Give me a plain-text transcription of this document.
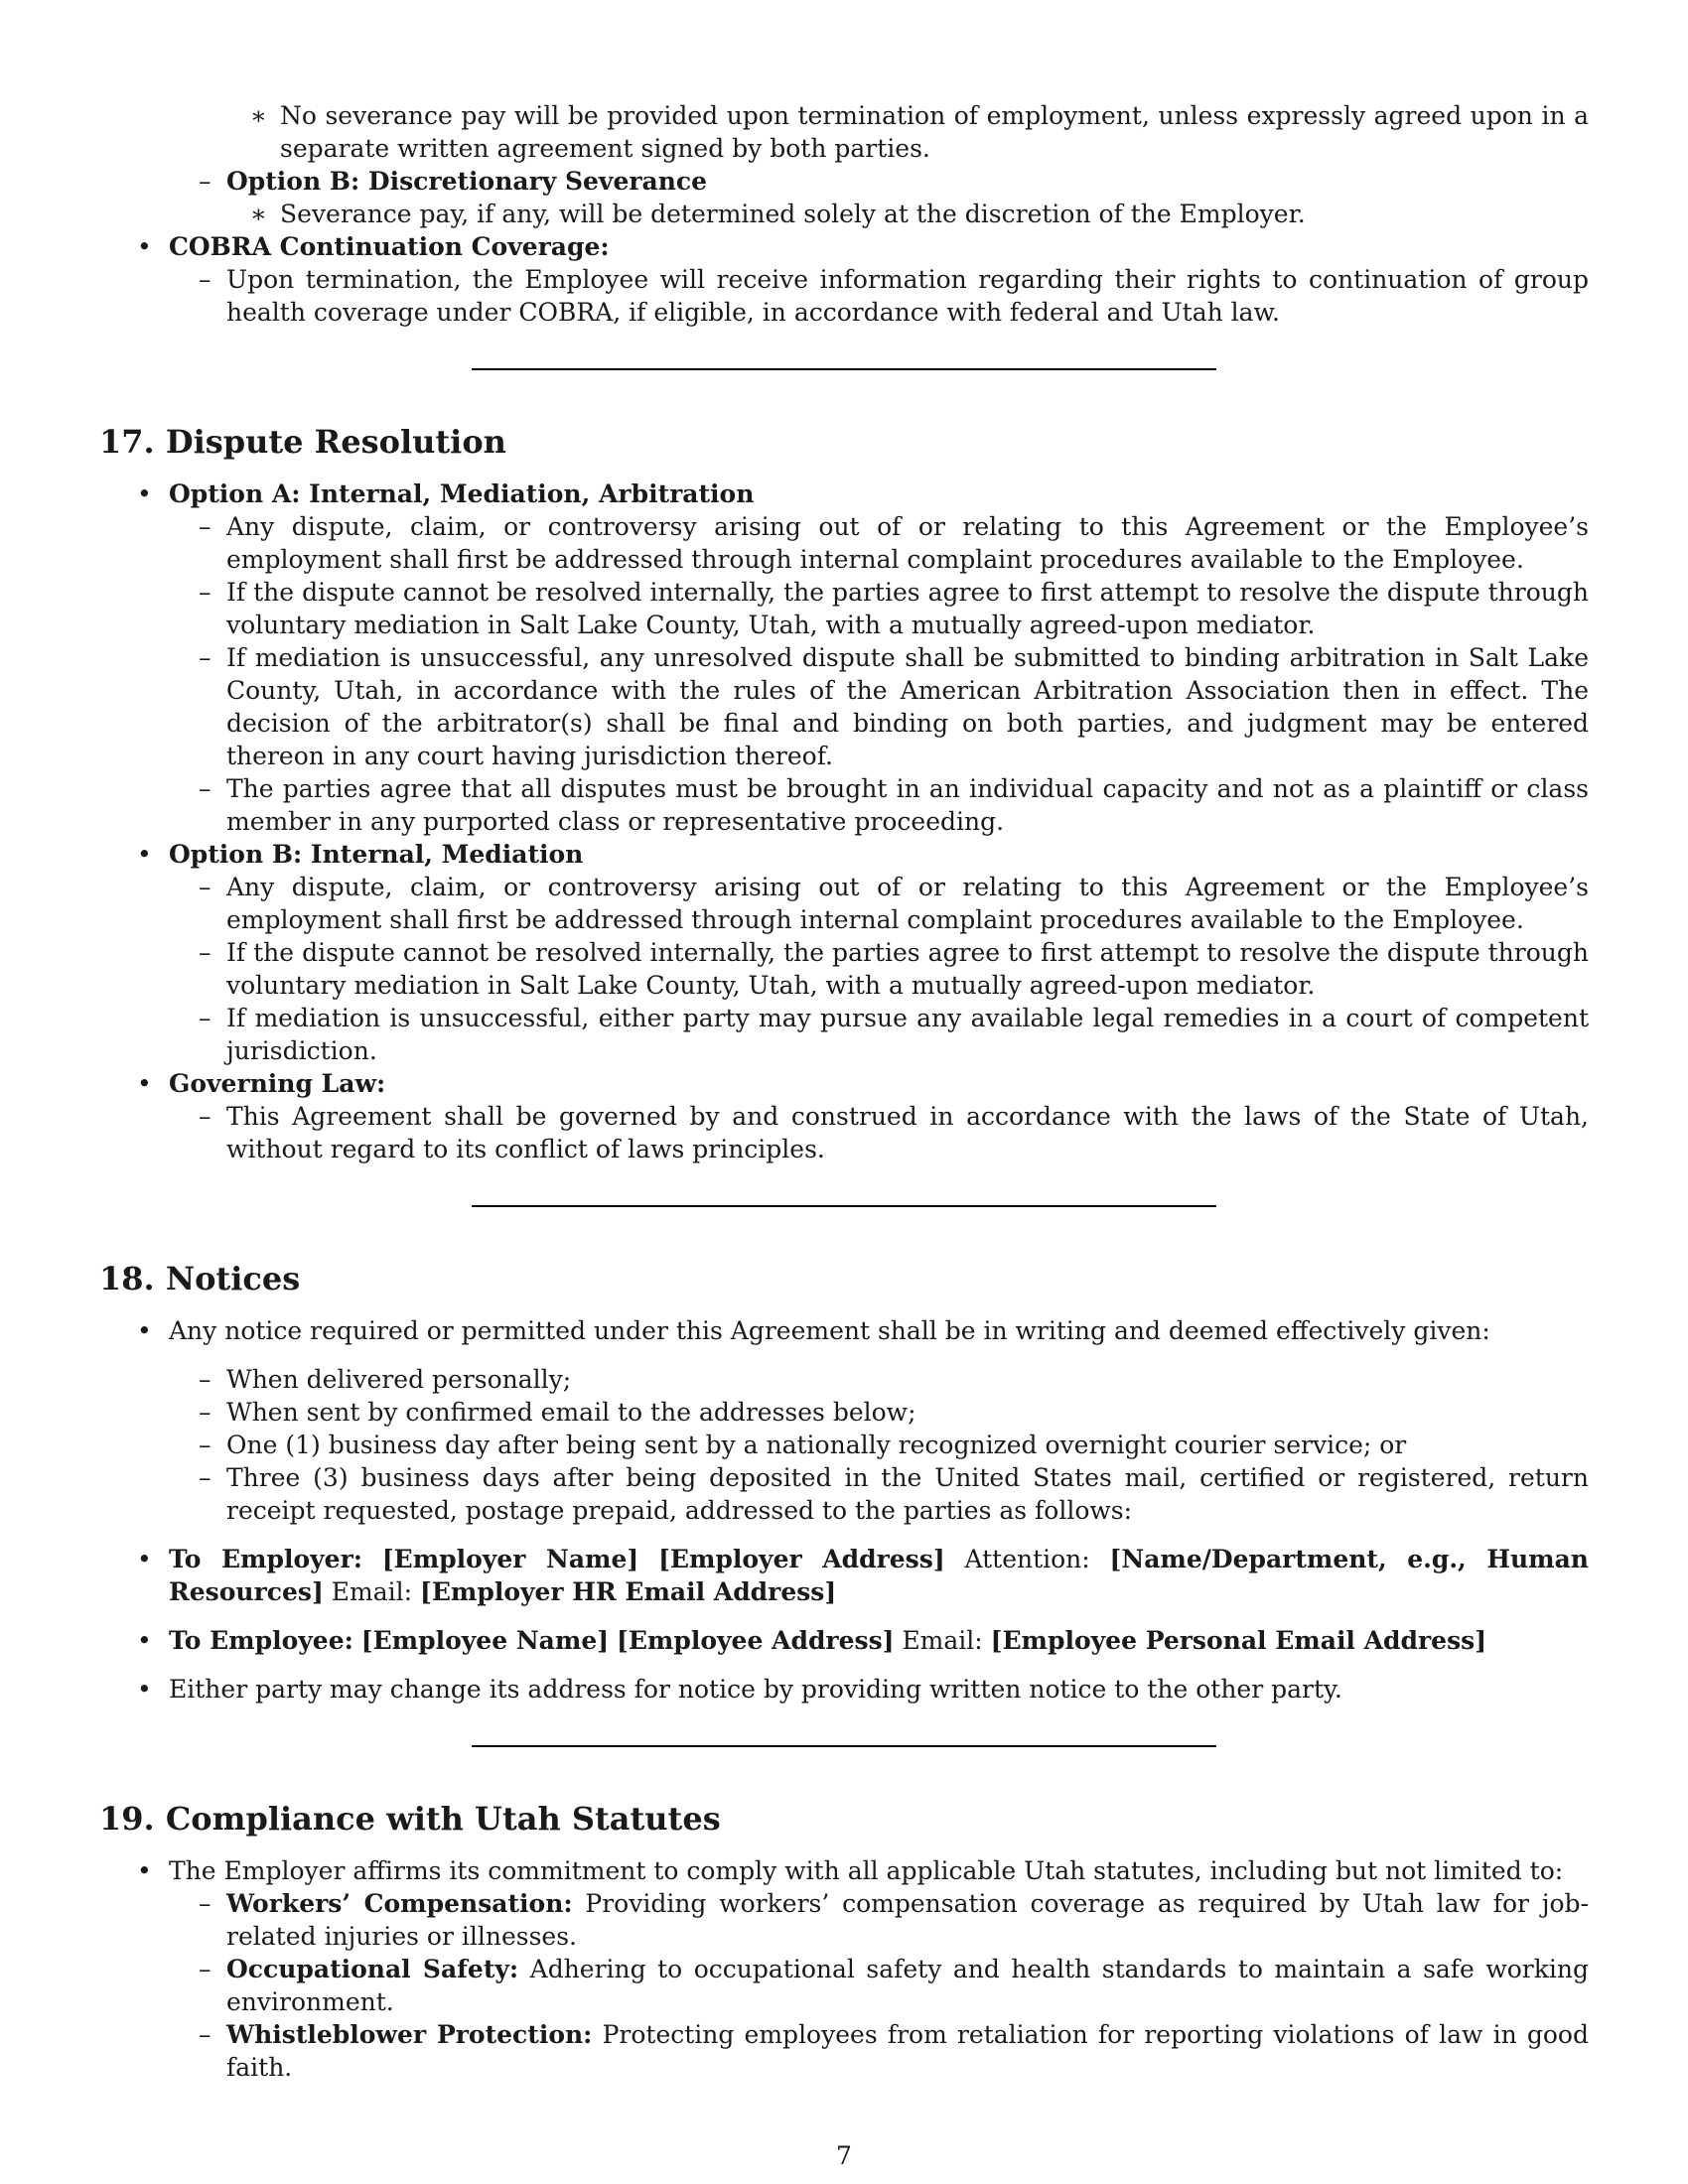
∗ No severance pay will be provided upon termination of employment, unless expressly agreed upon in a separate written agreement signed by both parties.
– Option B: Discretionary Severance
∗ Severance pay, if any, will be determined solely at the discretion of the Employer.
• COBRA Continuation Coverage:
– Upon termination, the Employee will receive information regarding their rights to continuation of group health coverage under COBRA, if eligible, in accordance with federal and Utah law.
17. Dispute Resolution
• Option A: Internal, Mediation, Arbitration
– Any dispute, claim, or controversy arising out of or relating to this Agreement or the Employee’s employment shall first be addressed through internal complaint procedures available to the Employee.
– If the dispute cannot be resolved internally, the parties agree to first attempt to resolve the dispute through voluntary mediation in Salt Lake County, Utah, with a mutually agreed-upon mediator.
– If mediation is unsuccessful, any unresolved dispute shall be submitted to binding arbitration in Salt Lake County, Utah, in accordance with the rules of the American Arbitration Association then in effect. The decision of the arbitrator(s) shall be final and binding on both parties, and judgment may be entered thereon in any court having jurisdiction thereof.
– The parties agree that all disputes must be brought in an individual capacity and not as a plaintiff or class member in any purported class or representative proceeding.
• Option B: Internal, Mediation
– Any dispute, claim, or controversy arising out of or relating to this Agreement or the Employee’s employment shall first be addressed through internal complaint procedures available to the Employee.
– If the dispute cannot be resolved internally, the parties agree to first attempt to resolve the dispute through voluntary mediation in Salt Lake County, Utah, with a mutually agreed-upon mediator.
– If mediation is unsuccessful, either party may pursue any available legal remedies in a court of competent jurisdiction.
• Governing Law:
– This Agreement shall be governed by and construed in accordance with the laws of the State of Utah, without regard to its conflict of laws principles.
18. Notices
• Any notice required or permitted under this Agreement shall be in writing and deemed effectively given:
– When delivered personally;
– When sent by confirmed email to the addresses below;
– One (1) business day after being sent by a nationally recognized overnight courier service; or
– Three (3) business days after being deposited in the United States mail, certified or registered, return receipt requested, postage prepaid, addressed to the parties as follows:
• To Employer: [Employer Name] [Employer Address] Attention: [Name/Department, e.g., Human Resources] Email: [Employer HR Email Address]
• To Employee: [Employee Name] [Employee Address] Email: [Employee Personal Email Address]
• Either party may change its address for notice by providing written notice to the other party.
19. Compliance with Utah Statutes
• The Employer affirms its commitment to comply with all applicable Utah statutes, including but not limited to:
– Workers’ Compensation: Providing workers’ compensation coverage as required by Utah law for job-related injuries or illnesses.
– Occupational Safety: Adhering to occupational safety and health standards to maintain a safe working environment.
– Whistleblower Protection: Protecting employees from retaliation for reporting violations of law in good faith.
7
